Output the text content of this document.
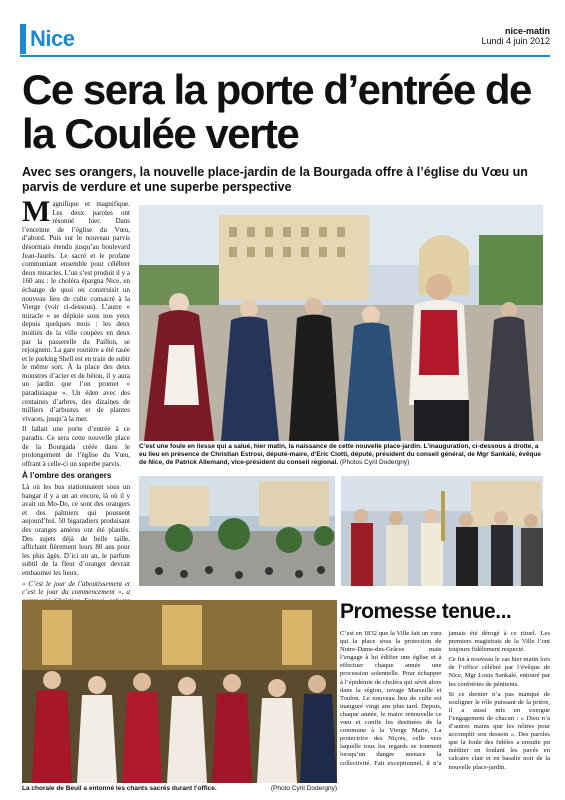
Nice	nice-matin
Lundi 4 juin 2012
Ce sera la porte d’entrée de la Coulée verte
Avec ses orangers, la nouvelle place-jardin de la Bourgada offre à l’église du Vœu un parvis de verdure et une superbe perspective

Magnifique et magnifique. Les deux paroles ont résonné hier. Dans l’enceinte de l’église du Vœu, d’abord. Puis sur le nouveau parvis désormais étendu jusqu’au boulevard Jean-Jaurès. Le sacré et le profane communiant ensemble pour célébrer deux miracles. L’un s’est produit il y a 160 ans : le choléra épargna Nice, en échange de quoi on construisit un nouveau lieu de culte consacré à la Vierge (voir ci-dessous). L’autre « miracle » se déploie sous nos yeux depuis quelques mois : les deux moitiés de la ville coupées en deux par la passerelle du Paillon, se rejoignent. La gare routière a été rasée et le parking Shell est en train de subir le même sort. À la place des deux monstres d’acier et de béton, il y aura un jardin que l’on promet « paradisiaque ». Un éden avec des centaines d’arbres, des dizaines de milliers d’arbustes et de plantes vivaces, jusqu’à la mer.

Il fallait une porte d’entrée à ce paradis. Ce sera cette nouvelle place de la Bourgada créée dans le prolongement de l’église du Vœu, offrant à celle-ci un superbe parvis.

À l’ombre des orangers

Là où les bus stationnaient sous un hangar il y a un an encore, là où il y avait un Mo-Do, ce sont des orangers et des palmiers qui poussent aujourd’hui. 50 bigaradiers produisant des oranges amères ont été plantés. Des sujets déjà de belle taille, affichant fièrement leurs 80 ans pour les plus âgés. D’ici un an, le parfum subtil de la fleur d’oranger devrait embaumer les lieux.

« C’est le jour de l’aboutissement et c’est le jour du commencement », a

C’est une foule en liesse qui a salué, hier matin, la naissance de cette nouvelle place-jardin. L’inauguration, ci-dessous à droite, a eu lieu en présence de Christian Estrosi, député-maire, d’Eric Ciotti, député, président du conseil général, de Mgr Sankalé, évêque de Nice, de Patrick Allemand, vice-président du conseil régional. (Photos Cyril Dodergny)
La chorale de Beuil a entonné les chants sacrés durant l’office.	(Photo Cyril Dodergny)
Promesse tenue...

C’est en 1832 que la Ville fait un vœu qui la place sous la protection de Notre-Dame-des-Grâces mais l’engage à lui édifier une église et à effectuer chaque année une procession solennelle. Pour échapper à l’épidémie de choléra qui sévit alors dans la région, ravage Marseille et Toulon. Le nouveau lieu de culte est inauguré vingt ans plus tard. Depuis, chaque année, le maire renouvelle ce vœu et confie les destinées de la commune à la Vierge Marie, La protectrice des Niçois, celle vers laquelle tous les regards se tournent lorsqu’un danger menace la collectivité. Fait exceptionnel, il n’a jamais été dérogé à ce rituel. Les premiers magistrats de la Ville l’ont toujours fidèlement respecté.

Ce fut à nouveau le cas hier matin lors de l’office célébré par l’évêque de Nice, Mgr Louis Sankalé, entouré par les confréries de pénitents.

Si ce dernier n’a pas manqué de souligner le rôle puissant de la prière, il a aussi mis en exergue l’engagement de chacun : « Dieu n’a d’autres mains que les nôtres pour accomplir son dessein ». Des paroles que la foule des fidèles a ensuite pu méditer en foulant les pavés en calcaire clair et en basalte noir de la nouvelle place-jardin.
